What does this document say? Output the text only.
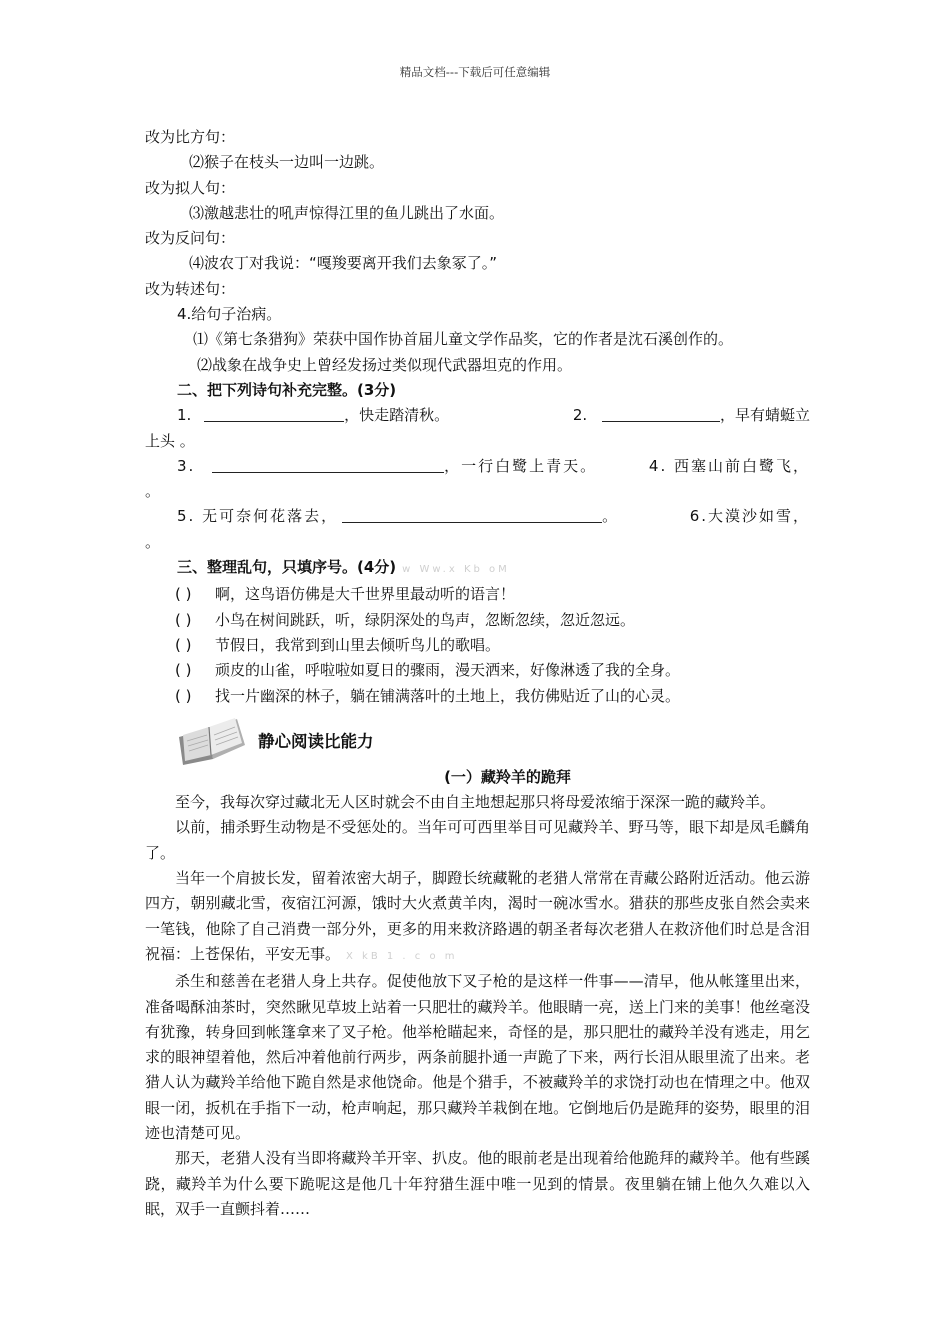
精品文档---下载后可任意编辑
改为比方句：
⑵猴子在枝头一边叫一边跳。
改为拟人句：
⑶激越悲壮的吼声惊得江里的鱼儿跳出了水面。
改为反问句：
⑷波农丁对我说：“嘎羧要离开我们去象冢了。”
改为转述句：
4.给句子治病。
⑴《第七条猎狗》荣获中国作协首届儿童文学作品奖，它的作者是沈石溪创作的。
⑵战象在战争史上曾经发扬过类似现代武器坦克的作用。
二、把下列诗句补充完整。(3分)
1.	，快走踏清秋。	2.	，早有蜻蜓立
上头 。
3.	，一行白鹭上青天。	4. 西塞山前白鹭飞，
。
5. 无可奈何花落去，	。	6.大漠沙如雪，
。
三、整理乱句，只填序号。(4分) w Ww.x Kb oM
( ) 啊，这鸟语仿佛是大千世界里最动听的语言！
( ) 小鸟在树间跳跃，听，绿阴深处的鸟声，忽断忽续，忽近忽远。
( ) 节假日，我常到到山里去倾听鸟儿的歌唱。
( ) 顽皮的山雀，呼啦啦如夏日的骤雨，漫天洒来，好像淋透了我的全身。
( ) 找一片幽深的林子，躺在铺满落叶的土地上，我仿佛贴近了山的心灵。
静心阅读比能力
(一）藏羚羊的跪拜
至今，我每次穿过藏北无人区时就会不由自主地想起那只将母爱浓缩于深深一跪的藏羚羊。
以前，捕杀野生动物是不受惩处的。当年可可西里举目可见藏羚羊、野马等，眼下却是凤毛麟角了。
当年一个肩披长发，留着浓密大胡子，脚蹬长统藏靴的老猎人常常在青藏公路附近活动。他云游四方，朝别藏北雪，夜宿江河源，饿时大火煮黄羊肉，渴时一碗冰雪水。猎获的那些皮张自然会卖来一笔钱，他除了自己消费一部分外，更多的用来救济路遇的朝圣者每次老猎人在救济他们时总是含泪祝福：上苍保佑，平安无事。 X kB 1 . c o m
杀生和慈善在老猎人身上共存。促使他放下叉子枪的是这样一件事——清早，他从帐篷里出来，准备喝酥油茶时，突然瞅见草坡上站着一只肥壮的藏羚羊。他眼睛一亮，送上门来的美事！他丝毫没有犹豫，转身回到帐篷拿来了叉子枪。他举枪瞄起来，奇怪的是，那只肥壮的藏羚羊没有逃走，用乞求的眼神望着他，然后冲着他前行两步，两条前腿扑通一声跪了下来，两行长泪从眼里流了出来。老猎人认为藏羚羊给他下跪自然是求他饶命。他是个猎手，不被藏羚羊的求饶打动也在情理之中。他双眼一闭，扳机在手指下一动，枪声响起，那只藏羚羊栽倒在地。它倒地后仍是跪拜的姿势，眼里的泪迹也清楚可见。
那天，老猎人没有当即将藏羚羊开宰、扒皮。他的眼前老是出现着给他跪拜的藏羚羊。他有些蹊跷，藏羚羊为什么要下跪呢这是他几十年狩猎生涯中唯一见到的情景。夜里躺在铺上他久久难以入眠，双手一直颤抖着……
